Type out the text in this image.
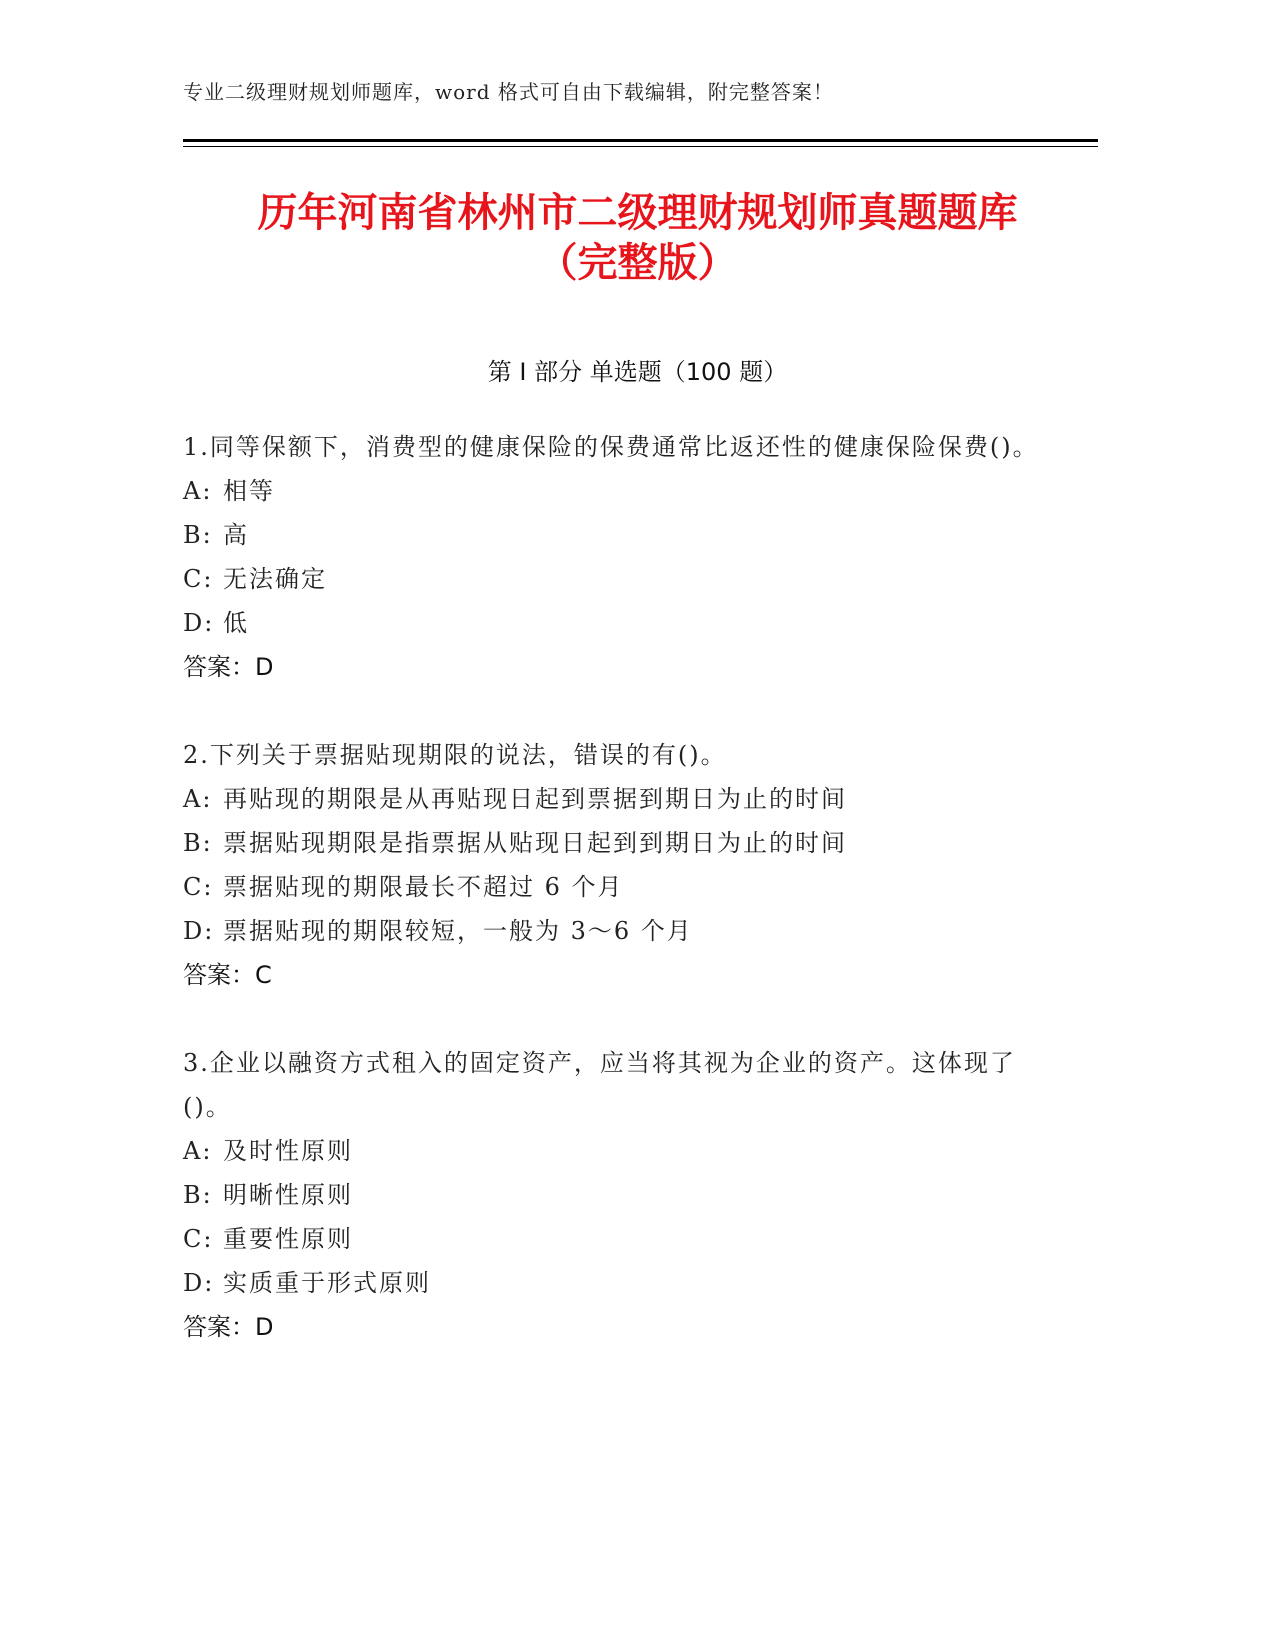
专业二级理财规划师题库，word 格式可自由下载编辑，附完整答案！
历年河南省林州市二级理财规划师真题题库
（完整版）
第 I 部分 单选题（100 题）
1.同等保额下，消费型的健康保险的保费通常比返还性的健康保险保费()。
A: 相等
B: 高
C: 无法确定
D: 低
答案：D
2.下列关于票据贴现期限的说法，错误的有()。
A: 再贴现的期限是从再贴现日起到票据到期日为止的时间
B: 票据贴现期限是指票据从贴现日起到到期日为止的时间
C: 票据贴现的期限最长不超过 6 个月
D: 票据贴现的期限较短，一般为 3～6 个月
答案：C
3.企业以融资方式租入的固定资产，应当将其视为企业的资产。这体现了()。
A: 及时性原则
B: 明晰性原则
C: 重要性原则
D: 实质重于形式原则
答案：D
